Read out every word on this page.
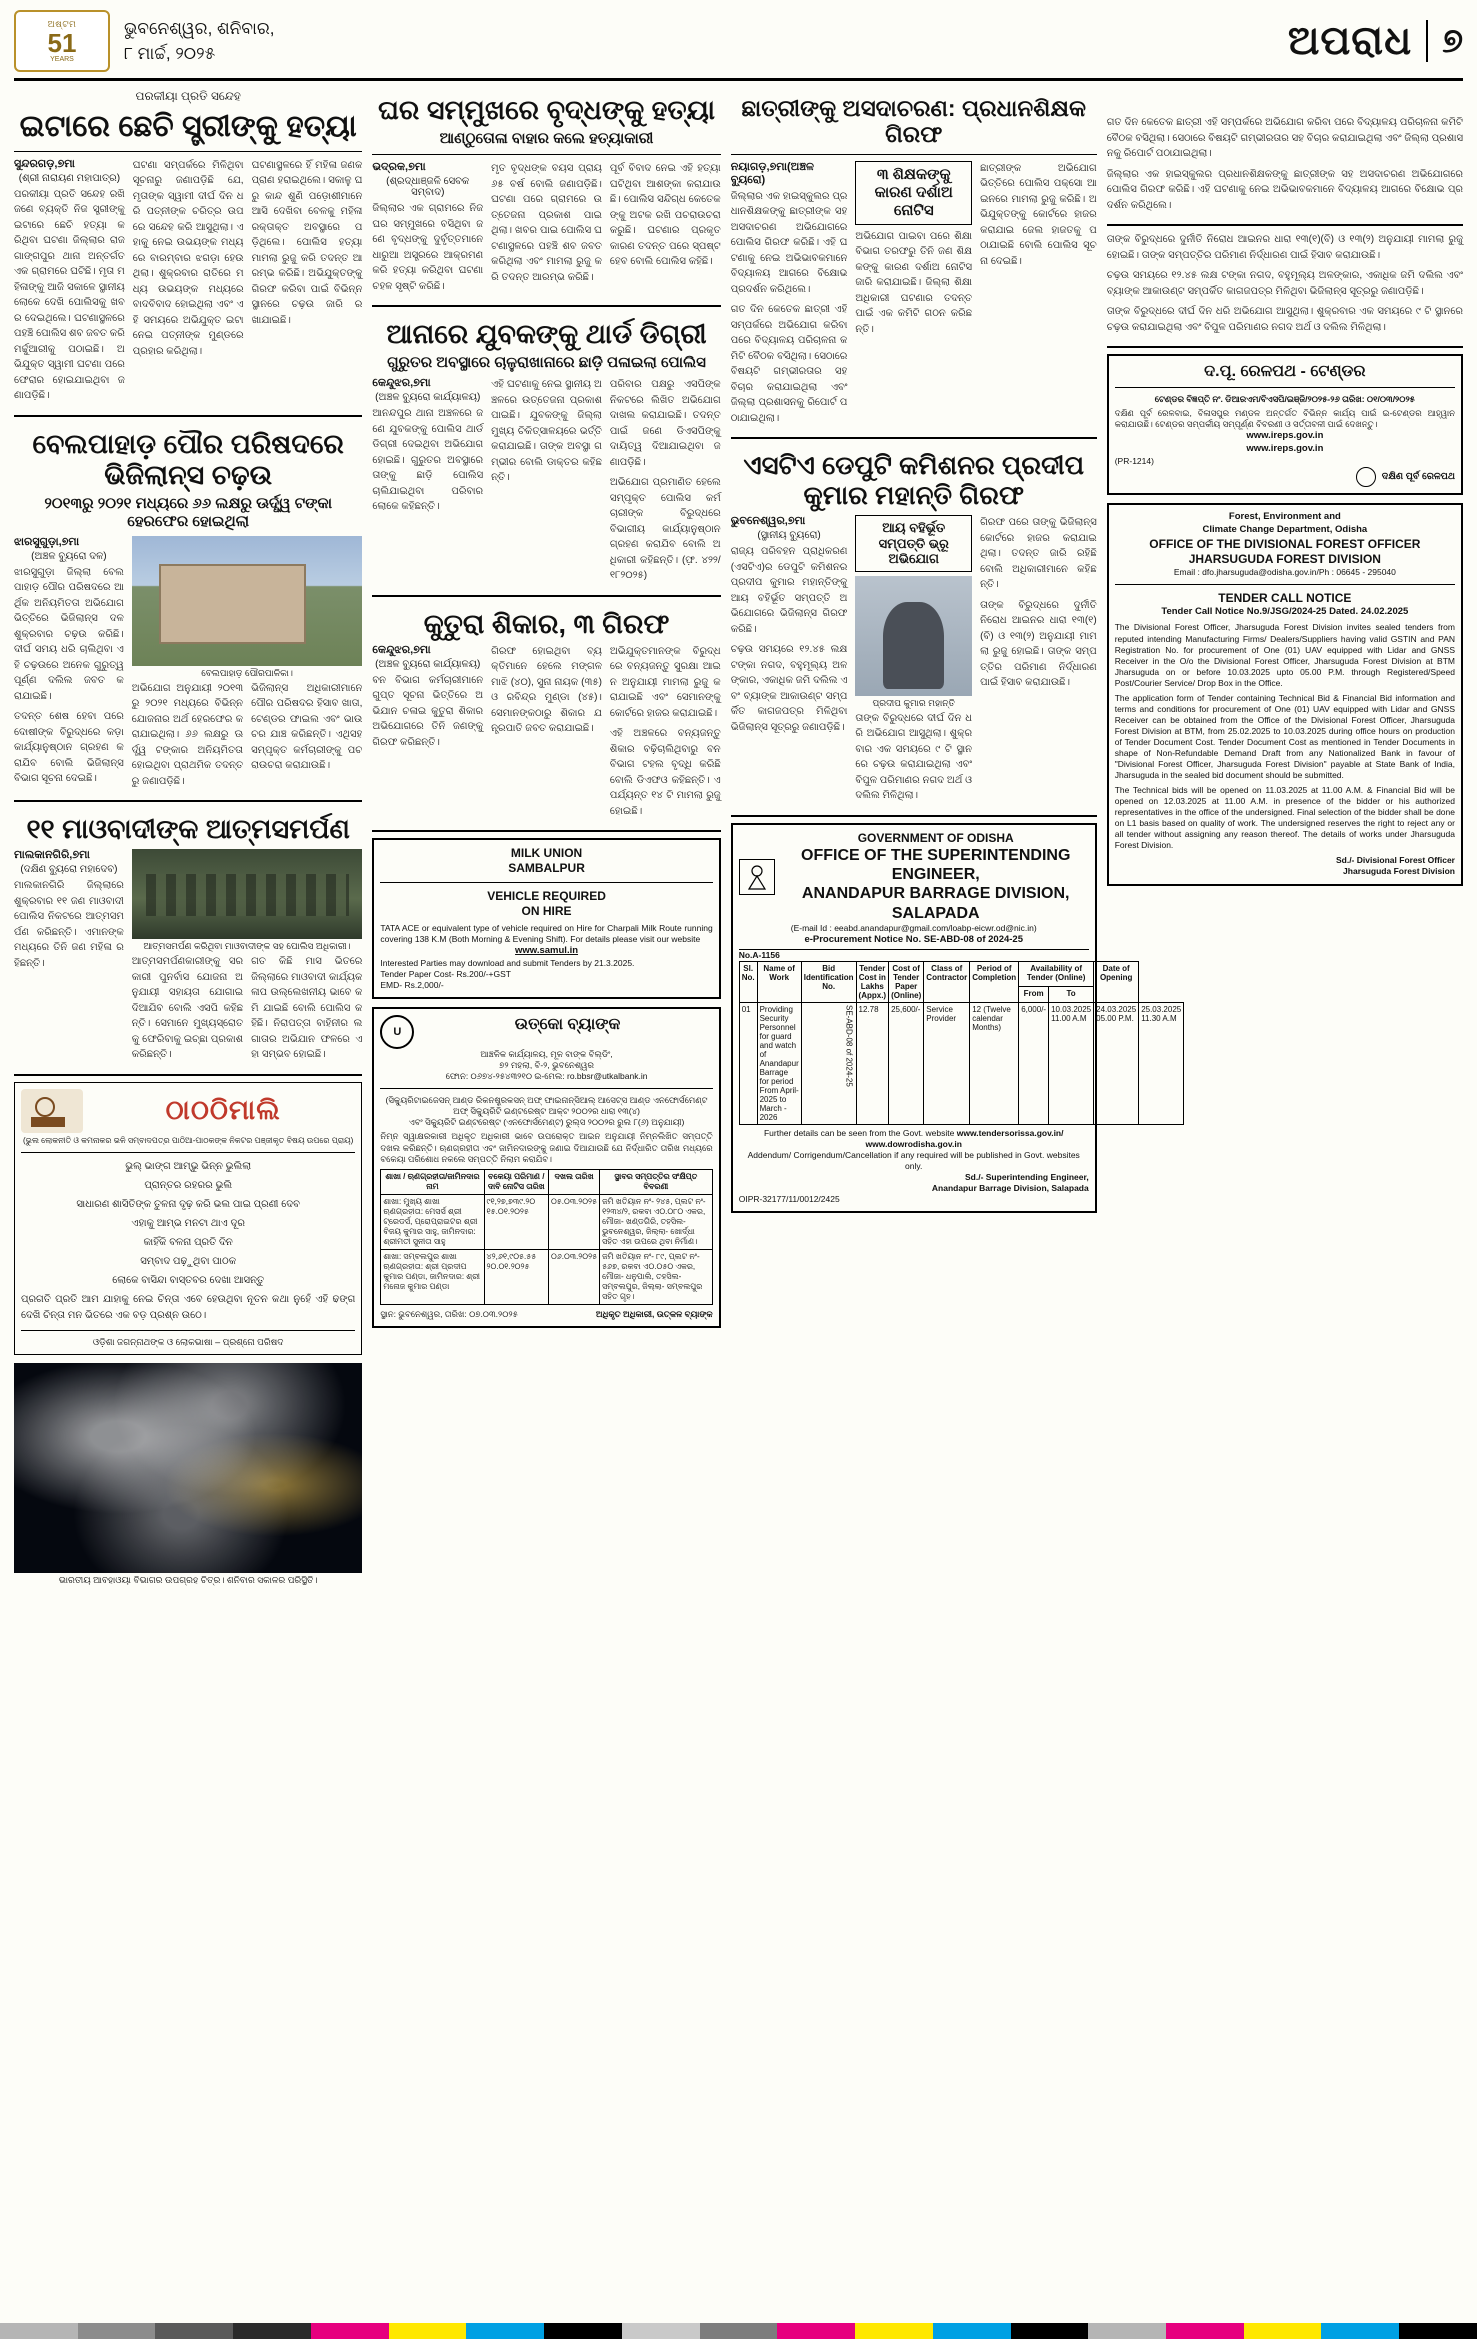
ଅଷ୍ଟମ
51
YEARS
ଭୁବନେଶ୍ୱର, ଶନିବାର,
୮ ମାର୍ଚ୍ଚ, ୨୦୨୫	ଅପରାଧ ୭
ପରକୀୟା ପ୍ରତି ସନ୍ଦେହ
ଇଟାରେ ଛେଚି ସ୍ତ୍ରୀଙ୍କୁ ହତ୍ୟା
ସୁନ୍ଦରଗଡ଼,୭ମା
(ଶ୍ରୀ ନାରାୟଣ ମହାପାତ୍ର)

ପରକୀୟା ପ୍ରତି ସନ୍ଦେହ ରଖି ଜଣେ ବ୍ୟକ୍ତି ନିଜ ସ୍ତ୍ରୀଙ୍କୁ ଇଟାରେ ଛେଚି ହତ୍ୟା କରିଥିବା ଘଟଣା ଜିଲ୍ଲାର ରାଜଗାଙ୍ଗପୁର ଥାନା ଅନ୍ତର୍ଗତ ଏକ ଗ୍ରାମରେ ଘଟିଛି। ମୃତା ମହିଳାଙ୍କୁ ଆଜି ସକାଳେ ସ୍ଥାନୀୟ ଲୋକେ ଦେଖି ପୋଲିସକୁ ଖବର ଦେଇଥିଲେ। ଘଟଣାସ୍ଥଳରେ ପହଞ୍ଚି ପୋଲିସ ଶବ ଜବତ କରି ମର୍ଚ୍ଚୁଆରୀକୁ ପଠାଇଛି। ଅଭିଯୁକ୍ତ ସ୍ୱାମୀ ଘଟଣା ପରେ ଫେରାର ହୋଇଯାଇଥିବା ଜଣାପଡ଼ିଛି।

ଘଟଣା ସମ୍ପର୍କରେ ମିଳିଥିବା ସୂଚନାରୁ ଜଣାପଡ଼ିଛି ଯେ, ମୃତାଙ୍କ ସ୍ୱାମୀ ଦୀର୍ଘ ଦିନ ଧରି ପତ୍ନୀଙ୍କ ଚରିତ୍ର ଉପରେ ସନ୍ଦେହ କରି ଆସୁଥିଲା। ଏହାକୁ ନେଇ ଉଭୟଙ୍କ ମଧ୍ୟରେ ବାରମ୍ବାର ଝଗଡ଼ା ହେଉଥିଲା। ଶୁକ୍ରବାର ରାତିରେ ମଧ୍ୟ ଉଭୟଙ୍କ ମଧ୍ୟରେ ବାଦବିବାଦ ହୋଇଥିଲା ଏବଂ ଏହି ସମୟରେ ଅଭିଯୁକ୍ତ ଇଟା ନେଇ ପତ୍ନୀଙ୍କ ମୁଣ୍ଡରେ ପ୍ରହାର କରିଥିଲା।

ଘଟଣାସ୍ଥଳରେ ହିଁ ମହିଳା ଜଣକ ପ୍ରାଣ ହରାଇଥିଲେ। ସକାଳୁ ଘରୁ କାନ୍ଦ ଶୁଣି ପଡ଼ୋଶୀମାନେ ଆସି ଦେଖିବା ବେଳକୁ ମହିଳା ରକ୍ତାକ୍ତ ଅବସ୍ଥାରେ ପଡ଼ିଥିଲେ। ପୋଲିସ ହତ୍ୟା ମାମଲା ରୁଜୁ କରି ତଦନ୍ତ ଆରମ୍ଭ କରିଛି। ଅଭିଯୁକ୍ତଙ୍କୁ ଗିରଫ କରିବା ପାଇଁ ବିଭିନ୍ନ ସ୍ଥାନରେ ଚଢ଼ଉ ଜାରି ରଖାଯାଇଛି।

ବେଲପାହାଡ଼ ପୌର ପରିଷଦରେ ଭିଜିଲାନ୍ସ ଚଢ଼ଉ
୨୦୧୩ରୁ ୨୦୨୧ ମଧ୍ୟରେ ୬୬ ଲକ୍ଷରୁ ଊର୍ଦ୍ଧ୍ୱ ଟଙ୍କା ହେରଫେର ହୋଇଥିଲା
ଝାରସୁଗୁଡ଼ା,୭ମା
(ଅଞ୍ଚଳ ବ୍ୟୁରୋ ଦଳ)

ଝାରସୁଗୁଡ଼ା ଜିଲ୍ଲା ବେଲପାହାଡ଼ ପୌର ପରିଷଦରେ ଆର୍ଥିକ ଅନିୟମିତତା ଅଭିଯୋଗ ଭିତ୍ତିରେ ଭିଜିଲାନ୍ସ ଦଳ ଶୁକ୍ରବାର ଚଢ଼ଉ କରିଛି। ଦୀର୍ଘ ସମୟ ଧରି ଚାଲିଥିବା ଏହି ଚଢ଼ଉରେ ଅନେକ ଗୁରୁତ୍ୱପୂର୍ଣ୍ଣ ଦଲିଲ ଜବତ କରାଯାଇଛି।

ତଦନ୍ତ ଶେଷ ହେବା ପରେ ଦୋଷୀଙ୍କ ବିରୁଦ୍ଧରେ କଡ଼ା କାର୍ଯ୍ୟାନୁଷ୍ଠାନ ଗ୍ରହଣ କରାଯିବ ବୋଲି ଭିଜିଲାନ୍ସ ବିଭାଗ ସୂଚନା ଦେଇଛି।

ବେଲପାହାଡ଼ ପୌରପାଳିକା।

ଅଭିଯୋଗ ଅନୁଯାୟୀ ୨୦୧୩ରୁ ୨୦୨୧ ମଧ୍ୟରେ ବିଭିନ୍ନ ଯୋଜନାର ଅର୍ଥ ହେରଫେର କରାଯାଇଥିଲା। ୬୬ ଲକ୍ଷରୁ ଊର୍ଦ୍ଧ୍ୱ ଟଙ୍କାର ଅନିୟମିତତା ହୋଇଥିବା ପ୍ରାଥମିକ ତଦନ୍ତରୁ ଜଣାପଡ଼ିଛି।

ଭିଜିଲାନ୍ସ ଅଧିକାରୀମାନେ ପୌର ପରିଷଦର ହିସାବ ଖାତା, ଟେଣ୍ଡର ଫାଇଲ ଏବଂ ଭାଉଚର ଯାଞ୍ଚ କରିଛନ୍ତି। ଏଥିସହ ସମ୍ପୃକ୍ତ କର୍ମଚାରୀଙ୍କୁ ପଚରାଉଚରା କରାଯାଉଛି।

୧୧ ମାଓବାଦୀଙ୍କ ଆତ୍ମସମର୍ପଣ
ମାଲକାନଗିରି,୭ମା
(ଦକ୍ଷିଣ ବ୍ୟୁରୋ ମହାଦେବ)

ମାଲକାନଗିରି ଜିଲ୍ଲାରେ ଶୁକ୍ରବାର ୧୧ ଜଣ ମାଓବାଦୀ ପୋଲିସ ନିକଟରେ ଆତ୍ମସମର୍ପଣ କରିଛନ୍ତି। ଏମାନଙ୍କ ମଧ୍ୟରେ ତିନି ଜଣ ମହିଳା ରହିଛନ୍ତି।

ଆତ୍ମସମର୍ପଣ କରିଥିବା ମାଓବାଦୀଙ୍କ ସହ ପୋଲିସ ଅଧିକାରୀ।

ଆତ୍ମସମର୍ପଣକାରୀଙ୍କୁ ସରକାରୀ ପୁନର୍ବାସ ଯୋଜନା ଅନୁଯାୟୀ ସହାୟତା ଯୋଗାଇ ଦିଆଯିବ ବୋଲି ଏସପି କହିଛନ୍ତି। ସେମାନେ ମୁଖ୍ୟସ୍ରୋତକୁ ଫେରିବାକୁ ଇଚ୍ଛା ପ୍ରକାଶ କରିଛନ୍ତି।

ଗତ କିଛି ମାସ ଭିତରେ ଜିଲ୍ଲାରେ ମାଓବାଦୀ କାର୍ଯ୍ୟକଳାପ ଉଲ୍ଲେଖନୀୟ ଭାବେ କମି ଯାଇଛି ବୋଲି ପୋଲିସ କହିଛି। ନିରାପତ୍ତା ବାହିନୀର ଲଗାତାର ଅଭିଯାନ ଫଳରେ ଏହା ସମ୍ଭବ ହୋଇଛି।

ଠାଠଠିମାଲି
(ଭୁଲ ଲୋକନୀତି ଓ କମନାକର ଭଳି ସମ୍ବାଦପତ୍ର ପାଠିଆ-ପାଠକଙ୍କ ନିକଟର ପଞ୍ଜୀକୃତ ବିଷୟ ଉପରେ ପ୍ରାୟ)

ଭୁଲ୍‌ ଭାଙ୍ଗ ଆମ୍ଭୁ ଭିନ୍ନ ଭୁଲିଲା

ପ୍ରାନ୍ତର ରହରର ଭୁଲି

ସାଧାରଣ ଶାସିତିଙ୍କ ତୁଳନା ଦୃଢ଼ କରି ଭଲ ପାଇ ପ୍ରଣୀ ଦେବ

ଏହାକୁ ଆମ୍ଭ ମନଟା ଥାଏ ଦୂର

କାହିଁକି ବଳନା ପ୍ରତି ଦିନ

ସମ୍ବାଦ ପଢ଼ୁଥିବା ପାଠକ

ଲୋକେ ବାସିନ୍ଦା ବାସ୍ତବର ଦେଖା ଆସନ୍ତୁ

ପ୍ରଗତି ପ୍ରତି ଆମ ଯାହାକୁ ନେଇ ଚିନ୍ତା ଏବେ ହେଉଥିବା ନୂତନ କଥା ନୁହେଁ ଏହି ଢଙ୍ଗ ଦେଖି ଚିନ୍ତା ମନ ଭିତରେ ଏକ ବଡ଼ ପ୍ରଶ୍ନ ଉଠେ।

ଓଡ଼ିଶା ଜଗନ୍ନାଥଙ୍କ ଓ ଲୋକଭାଷା – ପ୍ରଶ୍ନୋ ପରିଷଦ
ଭାରତୀୟ ଆବହାଓୟା ବିଭାଗର ଉପଗ୍ରହ ଚିତ୍ର। ଶନିବାର ସକାଳର ପରିସ୍ଥିତି।
ଘର ସମ୍ମୁଖରେ ବୃଦ୍ଧଙ୍କୁ ହତ୍ୟା
ଆଣ୍ଠୁତୋଳା ବାହାର କଲେ ହତ୍ୟାକାରୀ
ଭଦ୍ରକ,୭ମା
(ଶ୍ରଦ୍ଧାଞ୍ଜଳି ସେବକ ସମ୍ବାଦ)

ଜିଲ୍ଲାର ଏକ ଗ୍ରାମରେ ନିଜ ଘର ସମ୍ମୁଖରେ ବସିଥିବା ଜଣେ ବୃଦ୍ଧଙ୍କୁ ଦୁର୍ବୃତ୍ତମାନେ ଧାରୁଆ ଅସ୍ତ୍ରରେ ଆକ୍ରମଣ କରି ହତ୍ୟା କରିଥିବା ଘଟଣା ଚହଳ ସୃଷ୍ଟି କରିଛି।

ମୃତ ବୃଦ୍ଧଙ୍କ ବୟସ ପ୍ରାୟ ୬୫ ବର୍ଷ ବୋଲି ଜଣାପଡ଼ିଛି। ଘଟଣା ପରେ ଗ୍ରାମରେ ଉତ୍ତେଜନା ପ୍ରକାଶ ପାଇଥିଲା। ଖବର ପାଇ ପୋଲିସ ଘଟଣାସ୍ଥଳରେ ପହଞ୍ଚି ଶବ ଜବତ କରିଥିଲା ଏବଂ ମାମଲା ରୁଜୁ କରି ତଦନ୍ତ ଆରମ୍ଭ କରିଛି।

ପୂର୍ବ ବିବାଦ ନେଇ ଏହି ହତ୍ୟା ଘଟିଥିବା ଆଶଙ୍କା କରାଯାଉଛି। ପୋଲିସ ସନ୍ଦିଗ୍ଧ କେତେକଙ୍କୁ ଅଟକ ରଖି ପଚରାଉଚରା କରୁଛି। ଘଟଣାର ପ୍ରକୃତ କାରଣ ତଦନ୍ତ ପରେ ସ୍ପଷ୍ଟ ହେବ ବୋଲି ପୋଲିସ କହିଛି।

ଆନାରେ ଯୁବକଙ୍କୁ ଥାର୍ଡ ଡିଗ୍ରୀ
ଗୁରୁତର ଅବସ୍ଥାରେ ଚାଳୁରାଖାନାରେ ଛାଡ଼ି ପଳାଇଲା ପୋଲିସ
କେନ୍ଦୁଝର,୭ମା
(ଅଞ୍ଚଳ ବ୍ୟୁରୋ କାର୍ଯ୍ୟାଳୟ)

ଆନନ୍ଦପୁର ଥାନା ଅଞ୍ଚଳରେ ଜଣେ ଯୁବକଙ୍କୁ ପୋଲିସ ଥାର୍ଡ ଡିଗ୍ରୀ ଦେଇଥିବା ଅଭିଯୋଗ ହୋଇଛି। ଗୁରୁତର ଅବସ୍ଥାରେ ତାଙ୍କୁ ଛାଡ଼ି ପୋଲିସ ଚାଲିଯାଇଥିବା ପରିବାର ଲୋକେ କହିଛନ୍ତି।

ଏହି ଘଟଣାକୁ ନେଇ ସ୍ଥାନୀୟ ଅଞ୍ଚଳରେ ଉତ୍ତେଜନା ପ୍ରକାଶ ପାଇଛି। ଯୁବକଙ୍କୁ ଜିଲ୍ଲା ମୁଖ୍ୟ ଚିକିତ୍ସାଳୟରେ ଭର୍ତ୍ତି କରାଯାଇଛି। ତାଙ୍କ ଅବସ୍ଥା ଗମ୍ଭୀର ବୋଲି ଡାକ୍ତର କହିଛନ୍ତି।

ପରିବାର ପକ୍ଷରୁ ଏସପିଙ୍କ ନିକଟରେ ଲିଖିତ ଅଭିଯୋଗ ଦାଖଲ କରାଯାଇଛି। ତଦନ୍ତ ପାଇଁ ଜଣେ ଡିଏସପିଙ୍କୁ ଦାୟିତ୍ୱ ଦିଆଯାଇଥିବା ଜଣାପଡ଼ିଛି।

ଅଭିଯୋଗ ପ୍ରମାଣିତ ହେଲେ ସମ୍ପୃକ୍ତ ପୋଲିସ କର୍ମଚାରୀଙ୍କ ବିରୁଦ୍ଧରେ ବିଭାଗୀୟ କାର୍ଯ୍ୟାନୁଷ୍ଠାନ ଗ୍ରହଣ କରାଯିବ ବୋଲି ଅଧିକାରୀ କହିଛନ୍ତି। (ଫ଼. ୪୨୨/୧୮୨୦୨୫)

କୁତୁରା ଶିକାର, ୩ ଗିରଫ
କେନ୍ଦୁଝର,୭ମା
(ଅଞ୍ଚଳ ବ୍ୟୁରୋ କାର୍ଯ୍ୟାଳୟ)

ବନ ବିଭାଗ କର୍ମଚାରୀମାନେ ଗୁପ୍ତ ସୂଚନା ଭିତ୍ତିରେ ଅଭିଯାନ ଚଳାଇ କୁତୁରା ଶିକାର ଅଭିଯୋଗରେ ତିନି ଜଣଙ୍କୁ ଗିରଫ କରିଛନ୍ତି।

ଗିରଫ ହୋଇଥିବା ବ୍ୟକ୍ତିମାନେ ହେଲେ ମଙ୍ଗଳ ମାଝି (୪୦), ସୁନା ନାୟକ (୩୫) ଓ ରବିନ୍ଦ୍ର ମୁଣ୍ଡା (୪୫)। ସେମାନଙ୍କଠାରୁ ଶିକାର ଯନ୍ତ୍ରପାତି ଜବତ କରାଯାଇଛି।

ଅଭିଯୁକ୍ତମାନଙ୍କ ବିରୁଦ୍ଧରେ ବନ୍ୟଜନ୍ତୁ ସୁରକ୍ଷା ଆଇନ ଅନୁଯାୟୀ ମାମଲା ରୁଜୁ କରାଯାଇଛି ଏବଂ ସେମାନଙ୍କୁ କୋର୍ଟରେ ହାଜର କରାଯାଇଛି।

ଏହି ଅଞ୍ଚଳରେ ବନ୍ୟଜନ୍ତୁ ଶିକାର ବଢ଼ିଚାଲିଥିବାରୁ ବନ ବିଭାଗ ଟହଲ ବୃଦ୍ଧି କରିଛି ବୋଲି ଡିଏଫଓ କହିଛନ୍ତି। ଏ ପର୍ଯ୍ୟନ୍ତ ୧୪ ଟି ମାମଲା ରୁଜୁ ହୋଇଛି।

MILK UNION
SAMBALPUR
VEHICLE REQUIRED
ON HIRE
TATA ACE or equivalent type of vehicle required on Hire for Charpali Milk Route running covering 138 K.M (Both Morning & Evening Shift). For details please visit our website
www.samul.in
Interested Parties may download and submit Tenders by 21.3.2025.
Tender Paper Cost- Rs.200/-+GST
EMD- Rs.2,000/-
U	ଉତ୍କୋ ବ୍ୟାଙ୍କ
ଆଞ୍ଚଳିକ କାର୍ଯ୍ୟାଳୟ, ମୂଳ ବାଙ୍କ ବିଲ୍ଡିଂ,
୭୨ ମହଲା, ବି-୨, ଭୁବନେଶ୍ୱର
ଫୋନ: ୦୬୭୪-୨୫୪୩୨୧୦ ଇ-ମେଲ: ro.bbsr@utkalbank.in
(ସିକ୍ୟୁରିଟାଇଜେସନ୍ ଆଣ୍ଡ ରିକନଷ୍ଟ୍ରକସନ୍ ଅଫ୍ ଫାଇନାନ୍ସିଆଲ୍ ଆସେଟ୍ସ ଆଣ୍ଡ ଏନଫୋର୍ସମେଣ୍ଟ ଅଫ୍ ସିକ୍ୟୁରିଟି ଇଣ୍ଟରେଷ୍ଟ ଆକ୍ଟ ୨୦୦୨ର ଧାରା ୧୩(୪)
ଏବଂ ସିକ୍ୟୁରିଟି ଇଣ୍ଟରେଷ୍ଟ (ଏନଫୋର୍ସମେଣ୍ଟ) ରୁଲ୍ସ ୨୦୦୨ର ରୁଲ ୮(୬) ଅନୁଯାୟୀ)
ନିମ୍ନ ସ୍ୱାକ୍ଷରକାରୀ ଅଧିକୃତ ଅଧିକାରୀ ଭାବେ ଉପରୋକ୍ତ ଆଇନ ଅନୁଯାୟୀ ନିମ୍ନଲିଖିତ ସମ୍ପତ୍ତି ଦଖଲ କରିଛନ୍ତି। ଋଣଗ୍ରହୀତା ଏବଂ ଜାମିନଦାରଙ୍କୁ ଜଣାଇ ଦିଆଯାଉଛି ଯେ ନିର୍ଦ୍ଧାରିତ ତାରିଖ ମଧ୍ୟରେ ବକେୟା ପରିଶୋଧ ନକଲେ ସମ୍ପତ୍ତି ନିଲାମ କରାଯିବ।
ଶାଖା / ଋଣଗ୍ରହୀତା/ଜାମିନଦାର ନାମ	ବକେୟା ପରିମାଣ / ଦାବି ନୋଟିସ ତାରିଖ	ଦଖଲ ତାରିଖ	ସ୍ଥାବର ସମ୍ପତ୍ତିର ସଂକ୍ଷିପ୍ତ ବିବରଣୀ
ଶାଖା: ମୁଖ୍ୟ ଶାଖା ଋଣଗ୍ରହୀତା: ମେସର୍ସ ଶ୍ରୀ ଟ୍ରେଡର୍ସ, ପ୍ରୋପ୍ରାଇଟର ଶ୍ରୀ ବିଜୟ କୁମାର ସାହୁ, ଜାମିନଦାର: ଶ୍ରୀମତୀ ସୁନୀତା ସାହୁ	୯୧,୨୭,୭୩୯.୨୦ ୧୫.୦୧.୨୦୨୫	୦୫.୦୩.୨୦୨୫	ଜମି ଖତିୟାନ ନଂ- ୨୪୫, ପ୍ଲଟ ନଂ- ୧୨୩୪/୨, ରକବା ଏ୦.୦୮୦ ଏକର, ମୌଜା- ଖଣ୍ଡଗିରି, ତହସିଲ- ଭୁବନେଶ୍ୱର, ଜିଲ୍ଲା- ଖୋର୍ଦ୍ଧା ସହିତ ଏହା ଉପରେ ଥିବା ନିର୍ମାଣ।
ଶାଖା: ସମ୍ବଲପୁର ଶାଖା ଋଣଗ୍ରହୀତା: ଶ୍ରୀ ପ୍ରଦୀପ କୁମାର ପଣ୍ଡା, ଜାମିନଦାର: ଶ୍ରୀ ମନୋଜ କୁମାର ପଣ୍ଡା	୪୨,୬୧,୯୦୫.୫୫ ୨୦.୦୧.୨୦୨୫	୦୬.୦୩.୨୦୨୫	ଜମି ଖତିୟାନ ନଂ- ୮୯, ପ୍ଲଟ ନଂ- ୫୬୭, ରକବା ଏ୦.୦୫୦ ଏକର, ମୌଜା- ଧନୁପାଲି, ତହସିଲ- ସମ୍ବଲପୁର, ଜିଲ୍ଲା- ସମ୍ବଲପୁର ସହିତ ଗୃହ।
ସ୍ଥାନ: ଭୁବନେଶ୍ୱର, ତାରିଖ: ୦୭.୦୩.୨୦୨୫	ଅଧିକୃତ ଅଧିକାରୀ, ଉତ୍କଳ ବ୍ୟାଙ୍କ
ଛାତ୍ରୀଙ୍କୁ ଅସଦାଚରଣ: ପ୍ରଧାନଶିକ୍ଷକ ଗିରଫ
ନୟାଗଡ଼,୭ମା(ଅଞ୍ଚଳ ବ୍ୟୁରୋ)

ଜିଲ୍ଲାର ଏକ ହାଇସ୍କୁଲର ପ୍ରଧାନଶିକ୍ଷକଙ୍କୁ ଛାତ୍ରୀଙ୍କ ସହ ଅସଦାଚରଣ ଅଭିଯୋଗରେ ପୋଲିସ ଗିରଫ କରିଛି। ଏହି ଘଟଣାକୁ ନେଇ ଅଭିଭାବକମାନେ ବିଦ୍ୟାଳୟ ଆଗରେ ବିକ୍ଷୋଭ ପ୍ରଦର୍ଶନ କରିଥିଲେ।

ଗତ ଦିନ କେତେକ ଛାତ୍ରୀ ଏହି ସମ୍ପର୍କରେ ଅଭିଯୋଗ କରିବା ପରେ ବିଦ୍ୟାଳୟ ପରିଚାଳନା କମିଟି ବୈଠକ ବସିଥିଲା। ସେଠାରେ ବିଷୟଟି ଗମ୍ଭୀରତାର ସହ ବିଚାର କରାଯାଇଥିଲା ଏବଂ ଜିଲ୍ଲା ପ୍ରଶାସନକୁ ରିପୋର୍ଟ ପଠାଯାଇଥିଲା।

୩ ଶିକ୍ଷକଙ୍କୁ କାରଣ ଦର୍ଶାଅ ନୋଟିସ

ଅଭିଯୋଗ ପାଇବା ପରେ ଶିକ୍ଷା ବିଭାଗ ତରଫରୁ ତିନି ଜଣ ଶିକ୍ଷକଙ୍କୁ କାରଣ ଦର୍ଶାଅ ନୋଟିସ ଜାରି କରାଯାଇଛି। ଜିଲ୍ଲା ଶିକ୍ଷା ଅଧିକାରୀ ଘଟଣାର ତଦନ୍ତ ପାଇଁ ଏକ କମିଟି ଗଠନ କରିଛନ୍ତି।

ଛାତ୍ରୀଙ୍କ ଅଭିଯୋଗ ଭିତ୍ତିରେ ପୋଲିସ ପକ୍ସୋ ଆଇନରେ ମାମଲା ରୁଜୁ କରିଛି। ଅଭିଯୁକ୍ତଙ୍କୁ କୋର୍ଟରେ ହାଜର କରାଯାଇ ଜେଲ ହାଜତକୁ ପଠାଯାଇଛି ବୋଲି ପୋଲିସ ସୂଚନା ଦେଇଛି।

ଏସଟିଏ ଡେପୁଟି କମିଶନର ପ୍ରଦୀପ କୁମାର ମହାନ୍ତି ଗିରଫ
ଭୁବନେଶ୍ୱର,୭ମା
(ସ୍ଥାନୀୟ ବ୍ୟୁରୋ)

ରାଜ୍ୟ ପରିବହନ ପ୍ରାଧିକରଣ (ଏସଟିଏ)ର ଡେପୁଟି କମିଶନର ପ୍ରଦୀପ କୁମାର ମହାନ୍ତିଙ୍କୁ ଆୟ ବହିର୍ଭୂତ ସମ୍ପତ୍ତି ଅଭିଯୋଗରେ ଭିଜିଲାନ୍ସ ଗିରଫ କରିଛି।

ଚଢ଼ଉ ସମୟରେ ୧୨.୪୫ ଲକ୍ଷ ଟଙ୍କା ନଗଦ, ବହୁମୂଲ୍ୟ ଅଳଙ୍କାର, ଏକାଧିକ ଜମି ଦଲିଲ ଏବଂ ବ୍ୟାଙ୍କ ଆକାଉଣ୍ଟ ସମ୍ପର୍କିତ କାଗଜପତ୍ର ମିଳିଥିବା ଭିଜିଲାନ୍ସ ସୂତ୍ରରୁ ଜଣାପଡ଼ିଛି।

ଆୟ ବହିର୍ଭୂତ ସମ୍ପତ୍ତି ଭ୍ରୂ ଅଭିଯୋଗ
ପ୍ରଦୀପ କୁମାର ମହାନ୍ତି

ତାଙ୍କ ବିରୁଦ୍ଧରେ ଦୀର୍ଘ ଦିନ ଧରି ଅଭିଯୋଗ ଆସୁଥିଲା। ଶୁକ୍ରବାର ଏକ ସମୟରେ ୯ ଟି ସ୍ଥାନରେ ଚଢ଼ଉ କରାଯାଇଥିଲା ଏବଂ ବିପୁଳ ପରିମାଣର ନଗଦ ଅର୍ଥ ଓ ଦଲିଲ ମିଳିଥିଲା।

ଗିରଫ ପରେ ତାଙ୍କୁ ଭିଜିଲାନ୍ସ କୋର୍ଟରେ ହାଜର କରାଯାଇଥିଲା। ତଦନ୍ତ ଜାରି ରହିଛି ବୋଲି ଅଧିକାରୀମାନେ କହିଛନ୍ତି।

ତାଙ୍କ ବିରୁଦ୍ଧରେ ଦୁର୍ନୀତି ନିରୋଧ ଆଇନର ଧାରା ୧୩(୧)(ବି) ଓ ୧୩(୨) ଅନୁଯାୟୀ ମାମଲା ରୁଜୁ ହୋଇଛି। ତାଙ୍କ ସମ୍ପତ୍ତିର ପରିମାଣ ନିର୍ଦ୍ଧାରଣ ପାଇଁ ହିସାବ କରାଯାଉଛି।

GOVERNMENT OF ODISHA
OFFICE OF THE SUPERINTENDING ENGINEER,
ANANDAPUR BARRAGE DIVISION, SALAPADA
(E-mail Id : eeabd.anandapur@gmail.com/loabp-eicwr.od@nic.in)
e-Procurement Notice No. SE-ABD-08 of 2024-25
No.A-1156
Sl. No.	Name of Work	Bid Identification No.	Tender Cost in Lakhs (Appx.)	Cost of Tender Paper (Online)	Class of Contractor	Period of Completion	Availability of Tender (Online)		Date of Opening	
							From	To		
01	Providing Security Personnel for guard and watch of Anandapur Barrage for period From April-2025 to March - 2026	SE-ABD-08 of 2024-25	12.78	25,600/-	Service Provider	12 (Twelve calendar Months)	6,000/-	10.03.2025 11.00 A.M	24.03.2025 05.00 P.M.	25.03.2025 11.30 A.M
Further details can be seen from the Govt. website www.tendersorissa.gov.in/ www.dowrodisha.gov.in
Addendum/ Corrigendum/Cancellation if any required will be published in Govt. websites only.
Sd./- Superintending Engineer,
Anandapur Barrage Division, Salapada
OIPR-32177/11/0012/2425

ଗତ ଦିନ କେତେକ ଛାତ୍ରୀ ଏହି ସମ୍ପର୍କରେ ଅଭିଯୋଗ କରିବା ପରେ ବିଦ୍ୟାଳୟ ପରିଚାଳନା କମିଟି ବୈଠକ ବସିଥିଲା। ସେଠାରେ ବିଷୟଟି ଗମ୍ଭୀରତାର ସହ ବିଚାର କରାଯାଇଥିଲା ଏବଂ ଜିଲ୍ଲା ପ୍ରଶାସନକୁ ରିପୋର୍ଟ ପଠାଯାଇଥିଲା।

ଜିଲ୍ଲାର ଏକ ହାଇସ୍କୁଲର ପ୍ରଧାନଶିକ୍ଷକଙ୍କୁ ଛାତ୍ରୀଙ୍କ ସହ ଅସଦାଚରଣ ଅଭିଯୋଗରେ ପୋଲିସ ଗିରଫ କରିଛି। ଏହି ଘଟଣାକୁ ନେଇ ଅଭିଭାବକମାନେ ବିଦ୍ୟାଳୟ ଆଗରେ ବିକ୍ଷୋଭ ପ୍ରଦର୍ଶନ କରିଥିଲେ।

ତାଙ୍କ ବିରୁଦ୍ଧରେ ଦୁର୍ନୀତି ନିରୋଧ ଆଇନର ଧାରା ୧୩(୧)(ବି) ଓ ୧୩(୨) ଅନୁଯାୟୀ ମାମଲା ରୁଜୁ ହୋଇଛି। ତାଙ୍କ ସମ୍ପତ୍ତିର ପରିମାଣ ନିର୍ଦ୍ଧାରଣ ପାଇଁ ହିସାବ କରାଯାଉଛି।

ଚଢ଼ଉ ସମୟରେ ୧୨.୪୫ ଲକ୍ଷ ଟଙ୍କା ନଗଦ, ବହୁମୂଲ୍ୟ ଅଳଙ୍କାର, ଏକାଧିକ ଜମି ଦଲିଲ ଏବଂ ବ୍ୟାଙ୍କ ଆକାଉଣ୍ଟ ସମ୍ପର୍କିତ କାଗଜପତ୍ର ମିଳିଥିବା ଭିଜିଲାନ୍ସ ସୂତ୍ରରୁ ଜଣାପଡ଼ିଛି।

ତାଙ୍କ ବିରୁଦ୍ଧରେ ଦୀର୍ଘ ଦିନ ଧରି ଅଭିଯୋଗ ଆସୁଥିଲା। ଶୁକ୍ରବାର ଏକ ସମୟରେ ୯ ଟି ସ୍ଥାନରେ ଚଢ଼ଉ କରାଯାଇଥିଲା ଏବଂ ବିପୁଳ ପରିମାଣର ନଗଦ ଅର୍ଥ ଓ ଦଲିଲ ମିଳିଥିଲା।

ଦ.ପୂ. ରେଳପଥ - ଟେଣ୍ଡର
ଟେଣ୍ଡର ବିଜ୍ଞପ୍ତି ନଂ. ଡିଆରଏମ/ବିଏସପି/ଇଞ୍ଜି/୨୦୨୫-୨୬ ତାରିଖ: ୦୧/୦୩/୨୦୨୫
ଦକ୍ଷିଣ ପୂର୍ବ ରେଳବାଇ, ବିଳାସପୁର ମଣ୍ଡଳ ଅନ୍ତର୍ଗତ ବିଭିନ୍ନ କାର୍ଯ୍ୟ ପାଇଁ ଇ-ଟେଣ୍ଡର ଆହ୍ୱାନ କରାଯାଉଛି। ଟେଣ୍ଡର ସମ୍ପର୍କୀୟ ସମ୍ପୂର୍ଣ୍ଣ ବିବରଣୀ ଓ ସର୍ତ୍ତାବଳୀ ପାଇଁ ଦେଖନ୍ତୁ।
www.ireps.gov.in
www.ireps.gov.in
(PR-1214)
ଦକ୍ଷିଣ ପୂର୍ବ ରେଳପଥ
Forest, Environment and
Climate Change Department, Odisha
OFFICE OF THE DIVISIONAL FOREST OFFICER
JHARSUGUDA FOREST DIVISION
Email : dfo.jharsuguda@odisha.gov.in/Ph : 06645 - 295040
TENDER CALL NOTICE
Tender Call Notice No.9/JSG/2024-25 Dated. 24.02.2025
The Divisional Forest Officer, Jharsuguda Forest Division invites sealed tenders from reputed intending Manufacturing Firms/ Dealers/Suppliers having valid GSTIN and PAN Registration No. for procurement of One (01) UAV equipped with Lidar and GNSS Receiver in the O/o the Divisional Forest Officer, Jharsuguda Forest Division at BTM Jharsuguda on or before 10.03.2025 upto 05.00 P.M. through Registered/Speed Post/Courier Service/ Drop Box in the Office.
The application form of Tender containing Technical Bid & Financial Bid information and terms and conditions for procurement of One (01) UAV equipped with Lidar and GNSS Receiver can be obtained from the Office of the Divisional Forest Officer, Jharsuguda Forest Division at BTM, from 25.02.2025 to 10.03.2025 during office hours on production of Tender Document Cost. Tender Document Cost as mentioned in Tender Documents in shape of Non-Refundable Demand Draft from any Nationalized Bank in favour of "Divisional Forest Officer, Jharsuguda Forest Division" payable at State Bank of India, Jharsuguda in the sealed bid document should be submitted.
The Technical bids will be opened on 11.03.2025 at 11.00 A.M. & Financial Bid will be opened on 12.03.2025 at 11.00 A.M. in presence of the bidder or his authorized representatives in the office of the undersigned. Final selection of the bidder shall be done on L1 basis based on quality of work. The undersigned reserves the right to reject any or all tender without assigning any reason thereof. The details of works under Jharsuguda Forest Division.
Sd./- Divisional Forest Officer
Jharsuguda Forest Division
